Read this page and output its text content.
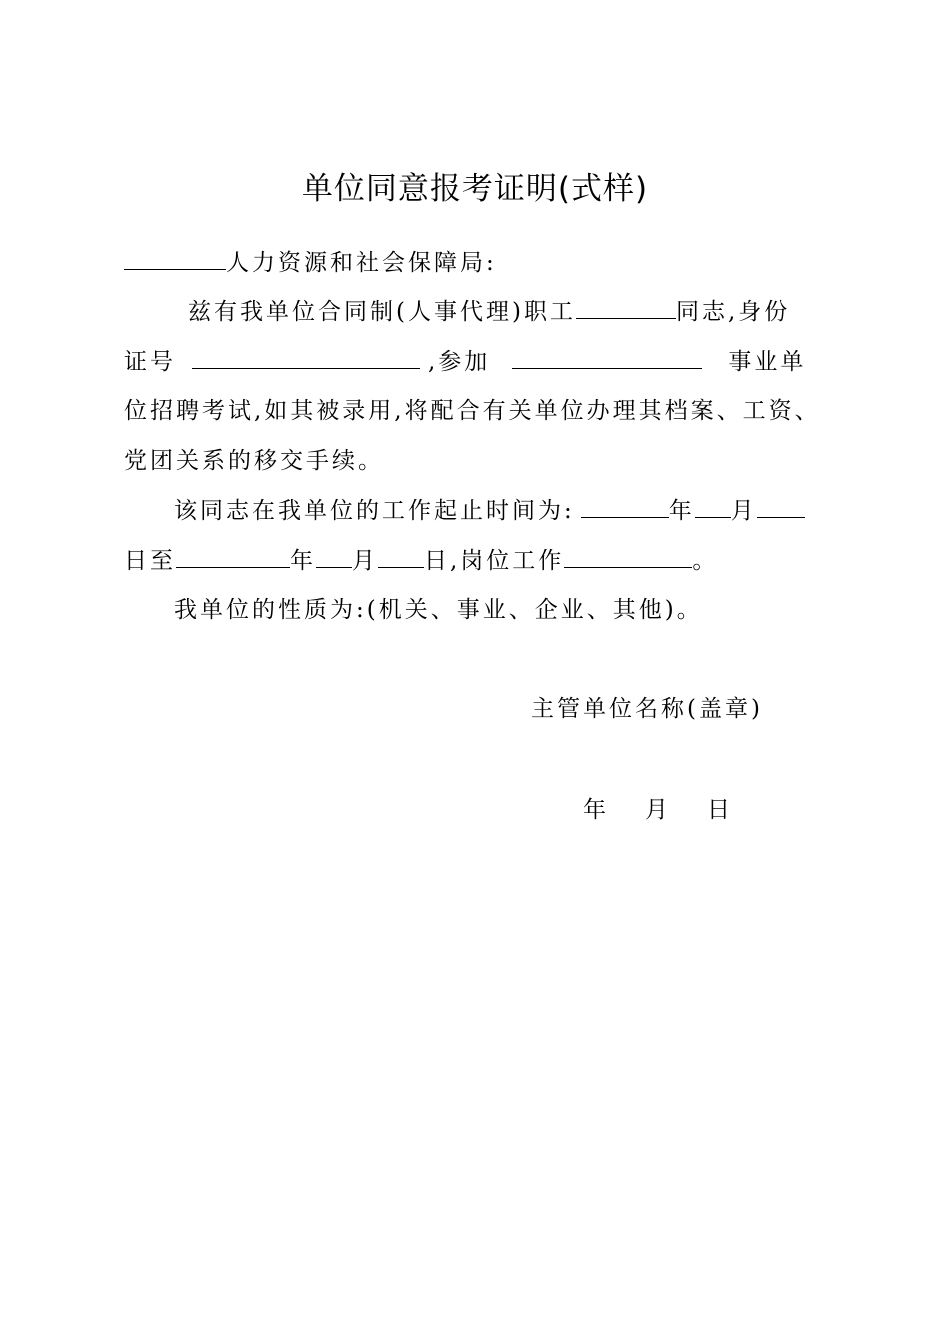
单位同意报考证明(式样)
人力资源和社会保障局:
兹有我单位合同制(人事代理)职工	同志,身份
证号	,参加	事业单
位招聘考试,如其被录用,将配合有关单位办理其档案、工资、
党团关系的移交手续。
该同志在我单位的工作起止时间为:	年 月
日至	年 月 日,岗位工作	。
我单位的性质为:(机关、事业、企业、其他)。
主管单位名称(盖章)
年 月 日
